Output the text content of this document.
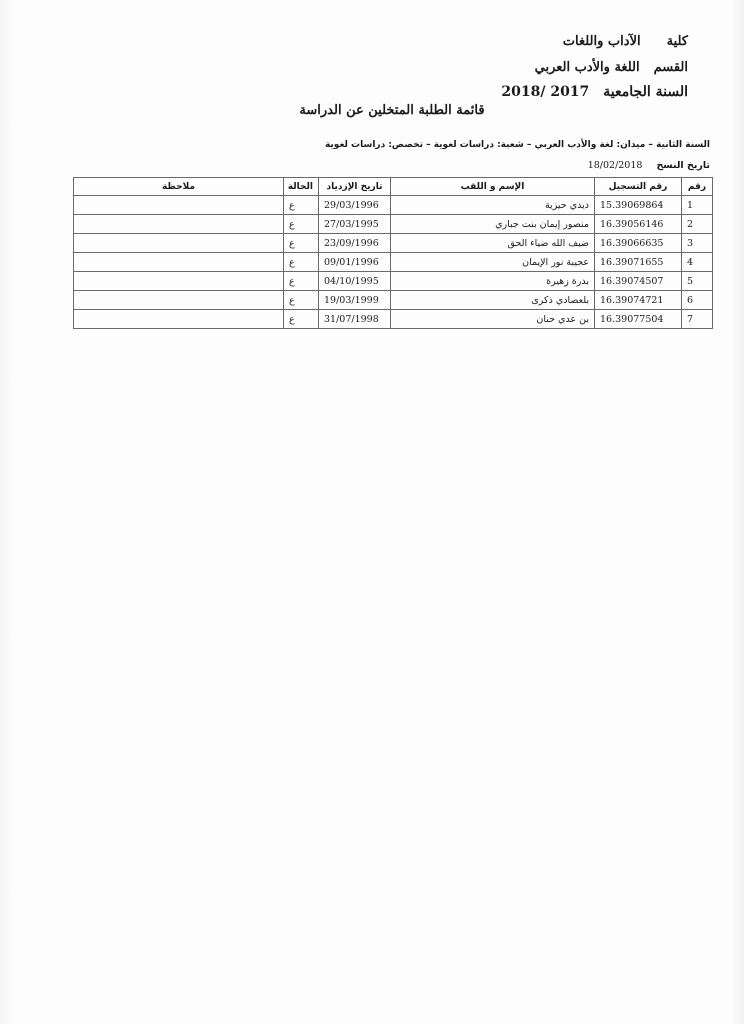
كليةالآداب واللغات
القسماللغة والأدب العربي
السنة الجامعية2018/ 2017
قائمة الطلبة المتخلين عن الدراسة
السنة الثانية – ميدان: لغة والأدب العربي – شعبة: دراسات لغوية – تخصص: دراسات لغوية
تاريخ النسخ18/02/2018
رقم	رقم التسجيل	الإسم و اللقب	تاريخ الإزدياد	الحالة	ملاحظة
1	15.39069864	ديدي حيزية	29/03/1996	ع	
2	16.39056146	منصور إيمان بنت جباري	27/03/1995	ع	
3	16.39066635	ضيف الله ضياء الحق	23/09/1996	ع	
4	16.39071655	عجيبة نور الإيمان	09/01/1996	ع	
5	16.39074507	بدرة زهيرة	04/10/1995	ع	
6	16.39074721	بلعصادي ذكرى	19/03/1999	ع	
7	16.39077504	بن عدي حنان	31/07/1998	ع	
